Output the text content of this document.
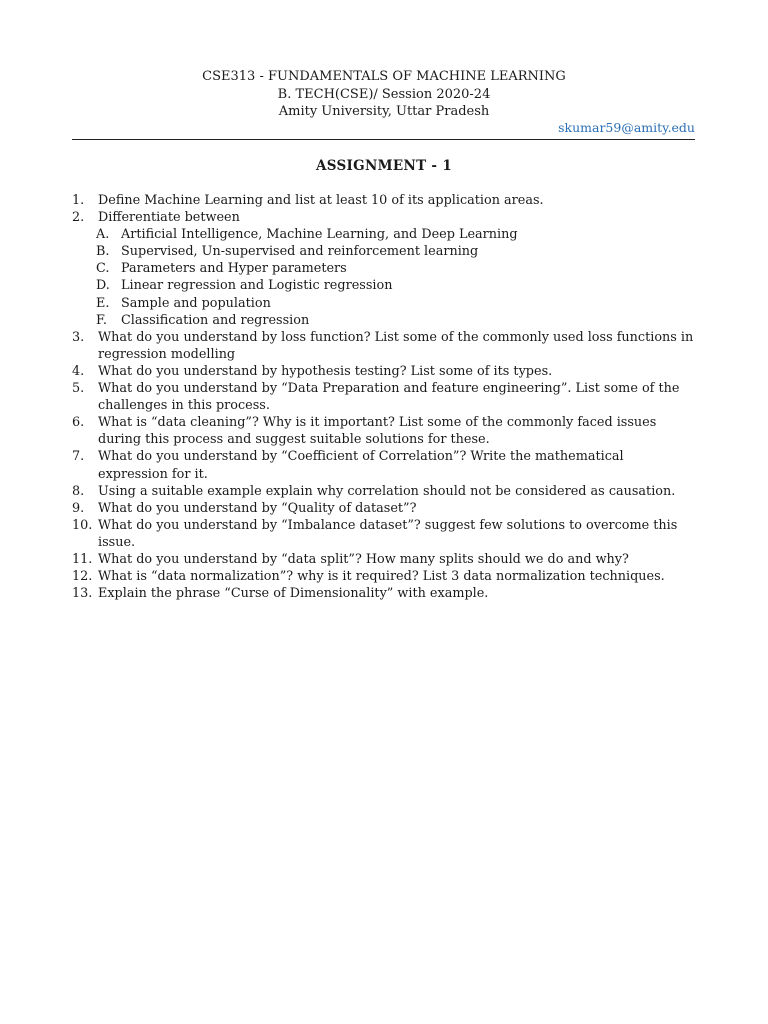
CSE313 - FUNDAMENTALS OF MACHINE LEARNING
B. TECH(CSE)/ Session 2020-24
Amity University, Uttar Pradesh
skumar59@amity.edu
ASSIGNMENT - 1
1. Define Machine Learning and list at least 10 of its application areas.
2. Differentiate between
A. Artificial Intelligence, Machine Learning, and Deep Learning
B. Supervised, Un-supervised and reinforcement learning
C. Parameters and Hyper parameters
D. Linear regression and Logistic regression
E. Sample and population
F. Classification and regression
3. What do you understand by loss function? List some of the commonly used loss functions in regression modelling
4. What do you understand by hypothesis testing? List some of its types.
5. What do you understand by “Data Preparation and feature engineering”. List some of the challenges in this process.
6. What is “data cleaning”? Why is it important? List some of the commonly faced issues during this process and suggest suitable solutions for these.
7. What do you understand by “Coefficient of Correlation”? Write the mathematical expression for it.
8. Using a suitable example explain why correlation should not be considered as causation.
9. What do you understand by “Quality of dataset”?
10. What do you understand by “Imbalance dataset”? suggest few solutions to overcome this issue.
11. What do you understand by “data split”? How many splits should we do and why?
12. What is “data normalization”? why is it required? List 3 data normalization techniques.
13. Explain the phrase “Curse of Dimensionality” with example.
